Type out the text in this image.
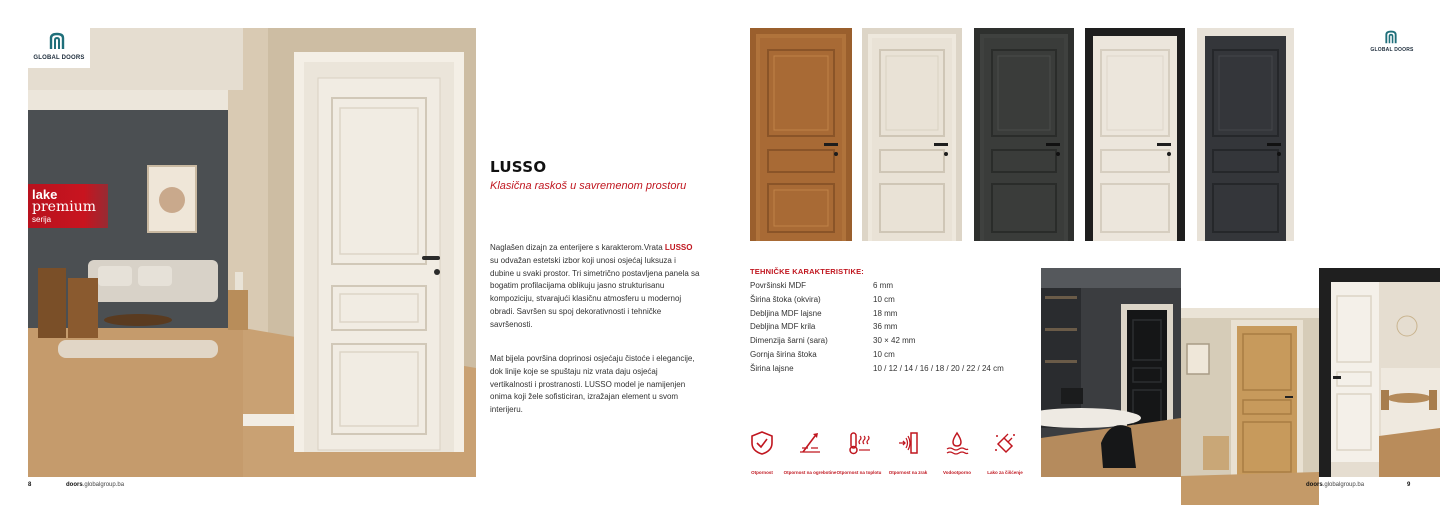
GLOBAL DOORS
lake
premium
serija
LUSSO
Klasična raskoš u savremenom prostoru

Naglašen dizajn za enterijere s karakterom.Vrata LUSSO su odvažan estetski izbor koji unosi osjećaj luksuza i dubine u svaki prostor. Tri simetrično postavljena panela sa bogatim profilacijama oblikuju jasno strukturisanu kompoziciju, stvarajući klasičnu atmosferu u modernoj obradi. Savršen su spoj dekorativnosti i tehničke savršenosti.

Mat bijela površina doprinosi osjećaju čistoće i elegancije, dok linije koje se spuštaju niz vrata daju osjećaj vertikalnosti i prostranosti. LUSSO model je namijenjen onima koji žele sofisticiran, izražajan element u svom interijeru.

8	doors.globalgroup.ba
GLOBAL DOORS
TEHNIČKE KARAKTERISTIKE:
Površinski MDF	6 mm
Širina štoka (okvira)	10 cm
Debljina MDF lajsne	18 mm
Debljina MDF krila	36 mm
Dimenzija šarni (sara)	30 × 42 mm
Gornja širina štoka	10 cm
Širina lajsne	10 / 12 / 14 / 16 / 18 / 20 / 22 / 24 cm
Otpornost	Otpornost na ogrebotine Otpornost na toplotu	Otpornost na zrak	Vodootporno	Lako za čišćenje
doors.globalgroup.ba	9
